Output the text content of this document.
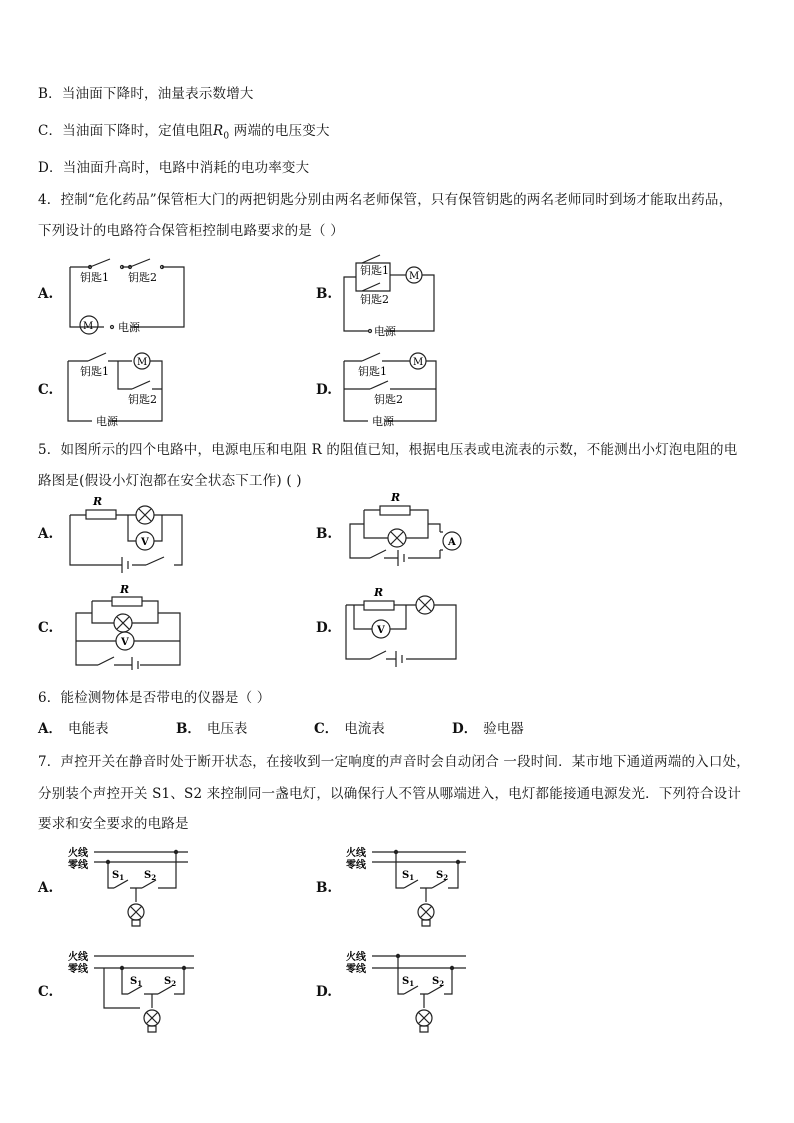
B．当油面下降时，油量表示数增大
C．当油面下降时，定值电阻$R_0$ 两端的电压变大
D．当油面升高时，电路中消耗的电功率变大
4．控制“危化药品”保管柜大门的两把钥匙分别由两名老师保管，只有保管钥匙的两名老师同时到场才能取出药品，
下列设计的电路符合保管柜控制电路要求的是（ ）
A.
钥匙1 钥匙2
M 电源
B.
钥匙1
钥匙2
M
电源
C.
钥匙1
钥匙2
M
电源
D.
钥匙1
钥匙2
M
电源
5．如图所示的四个电路中，电源电压和电阻 R 的阻值已知，根据电压表或电流表的示数，不能测出小灯泡电阻的电
路图是(假设小灯泡都在安全状态下工作) ( )
A.
R
V
B.
R
A
C.
R
V
D.
R
V
6．能检测物体是否带电的仪器是（ ）
A． 电能表	B． 电压表	C． 电流表	D． 验电器
7．声控开关在静音时处于断开状态，在接收到一定响度的声音时会自动闭合 一段时间．某市地下通道两端的入口处，
分别装个声控开关 S1、S2 来控制同一盏电灯，以确保行人不管从哪端进入，电灯都能接通电源发光．下列符合设计
要求和安全要求的电路是
A.
火线
零线
$S_1$ $S_2$
B.
火线
零线
$S_1$ $S_2$
C.
火线
零线
$S_1$ $S_2$
D.
火线
零线
$S_1$ $S_2$
